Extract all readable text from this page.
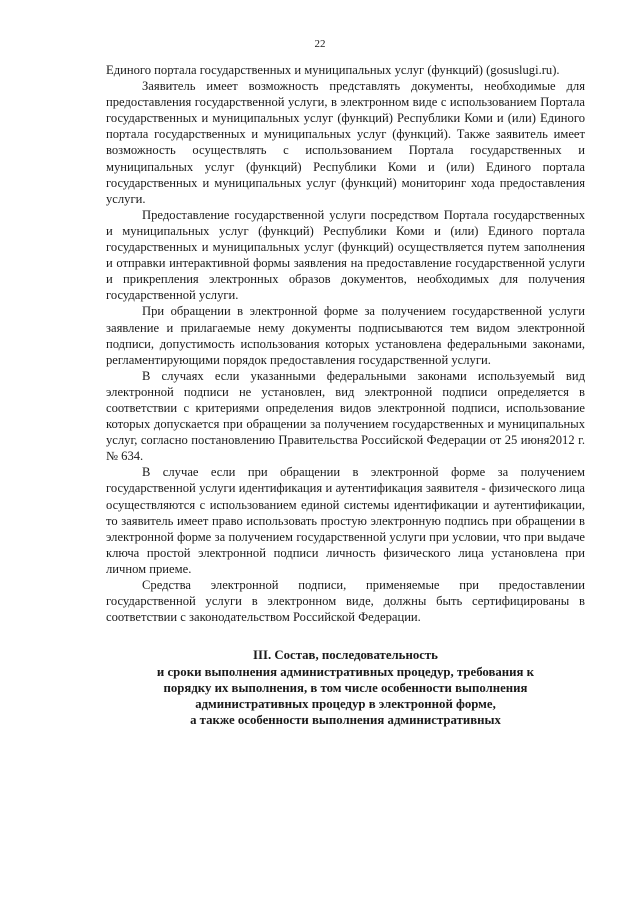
22

Единого портала государственных и муниципальных услуг (функций) (gosuslugi.ru).

Заявитель имеет возможность представлять документы, необходимые для предоставления государственной услуги, в электронном виде с использованием Портала государственных и муниципальных услуг (функций) Республики Коми и (или) Единого портала государственных и муниципальных услуг (функций). Также заявитель имеет возможность осуществлять с использованием Портала государственных и муниципальных услуг (функций) Республики Коми и (или) Единого портала государственных и муниципальных услуг (функций) мониторинг хода предоставления услуги.

Предоставление государственной услуги посредством Портала государственных и муниципальных услуг (функций) Республики Коми и (или) Единого портала государственных и муниципальных услуг (функций) осуществляется путем заполнения и отправки интерактивной формы заявления на предоставление государственной услуги и прикрепления электронных образов документов, необходимых для получения государственной услуги.

При обращении в электронной форме за получением государственной услуги заявление и прилагаемые нему документы подписываются тем видом электронной подписи, допустимость использования которых установлена федеральными законами, регламентирующими порядок предоставления государственной услуги.

В случаях если указанными федеральными законами используемый вид электронной подписи не установлен, вид электронной подписи определяется в соответствии с критериями определения видов электронной подписи, использование которых допускается при обращении за получением государственных и муниципальных услуг, согласно постановлению Правительства Российской Федерации от 25 июня2012 г. № 634.

В случае если при обращении в электронной форме за получением государственной услуги идентификация и аутентификация заявителя - физического лица осуществляются с использованием единой системы идентификации и аутентификации, то заявитель имеет право использовать простую электронную подпись при обращении в электронной форме за получением государственной услуги при условии, что при выдаче ключа простой электронной подписи личность физического лица установлена при личном приеме.

Средства электронной подписи, применяемые при предоставлении государственной услуги в электронном виде, должны быть сертифицированы в соответствии с законодательством Российской Федерации.

III. Состав, последовательность

и сроки выполнения административных процедур, требования к

порядку их выполнения, в том числе особенности выполнения

административных процедур в электронной форме,

а также особенности выполнения административных
